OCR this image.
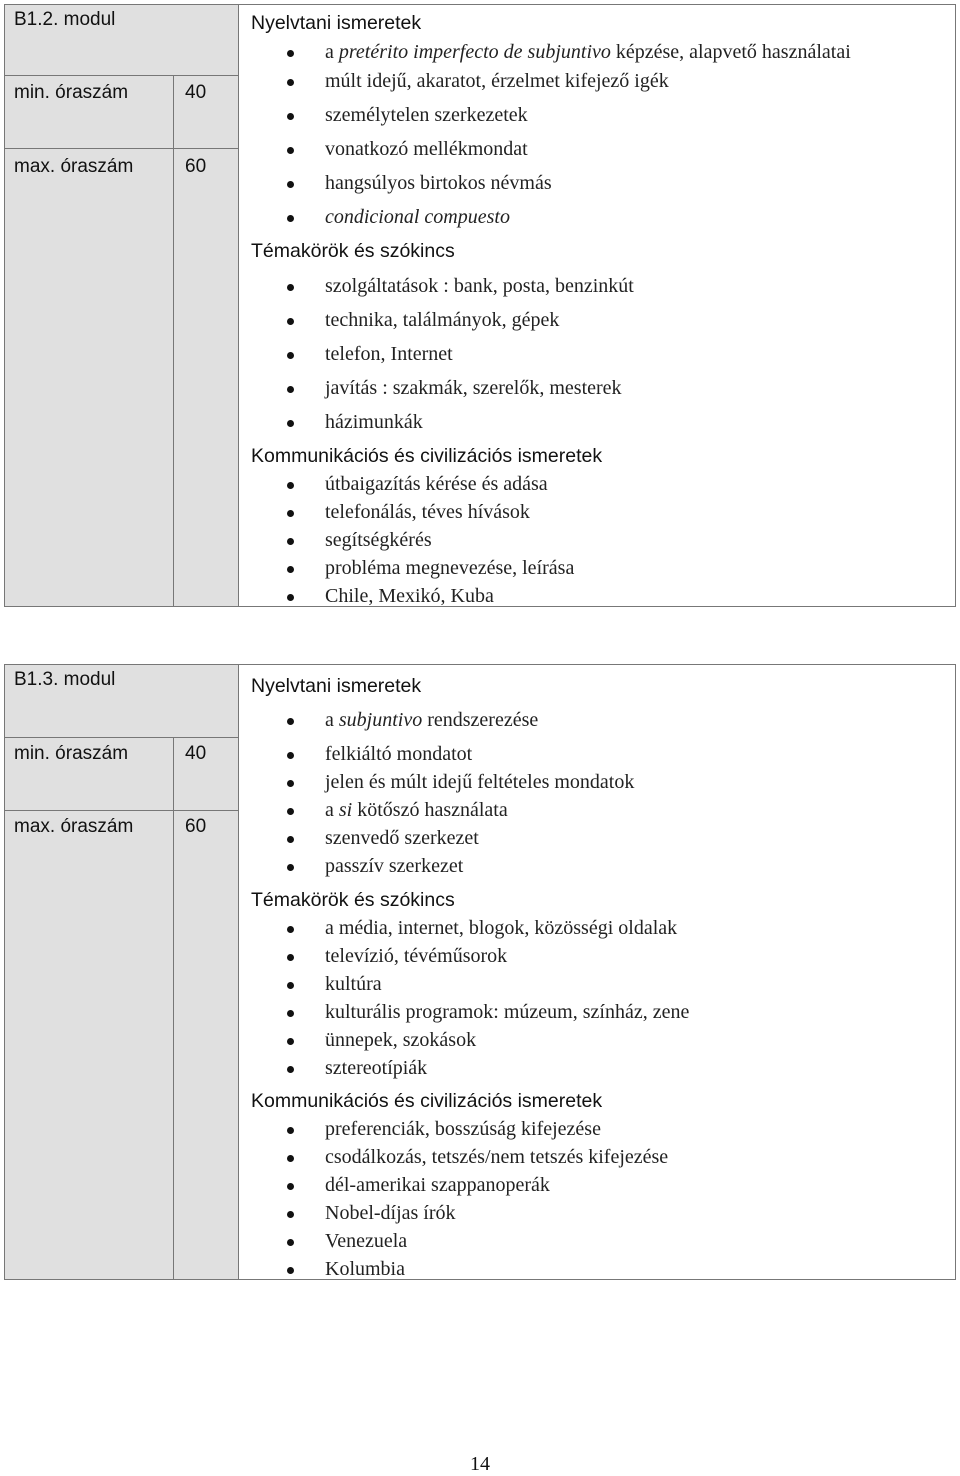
B1.2. modul
min. óraszám	40
max. óraszám	60
Nyelvtani ismeretek
a pretérito imperfecto de subjuntivo képzése, alapvető használatai
múlt idejű, akaratot, érzelmet kifejező igék
személytelen szerkezetek
vonatkozó mellékmondat
hangsúlyos birtokos névmás
condicional compuesto
Témakörök és szókincs
szolgáltatások : bank, posta, benzinkút
technika, találmányok, gépek
telefon, Internet
javítás : szakmák, szerelők, mesterek
házimunkák
Kommunikációs és civilizációs ismeretek
útbaigazítás kérése és adása
telefonálás, téves hívások
segítségkérés
probléma megnevezése, leírása
Chile, Mexikó, Kuba
B1.3. modul
min. óraszám	40
max. óraszám	60
Nyelvtani ismeretek
a subjuntivo rendszerezése
felkiáltó mondatot
jelen és múlt idejű feltételes mondatok
a si kötőszó használata
szenvedő szerkezet
passzív szerkezet
Témakörök és szókincs
a média, internet, blogok, közösségi oldalak
televízió, tévéműsorok
kultúra
kulturális programok: múzeum, színház, zene
ünnepek, szokások
sztereotípiák
Kommunikációs és civilizációs ismeretek
preferenciák, bosszúság kifejezése
csodálkozás, tetszés/nem tetszés kifejezése
dél-amerikai szappanoperák
Nobel-díjas írók
Venezuela
Kolumbia
14
